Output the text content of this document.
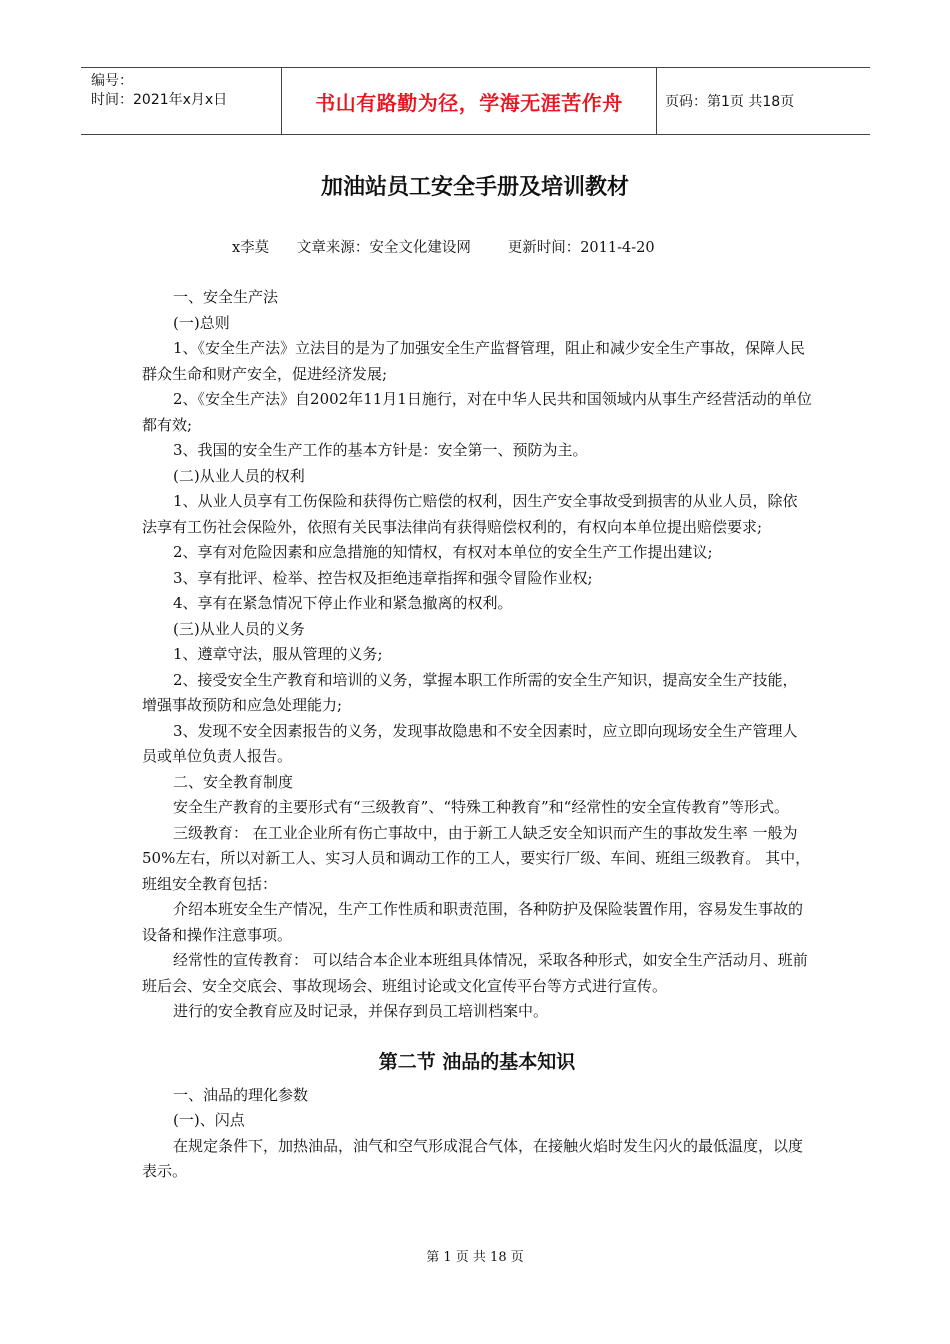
编号：
时间：2021年x月x日	书山有路勤为径，学海无涯苦作舟	页码：第1页 共18页
加油站员工安全手册及培训教材
x李莫      文章来源：安全文化建设网        更新时间：2011-4-20

一、安全生产法

(一)总则

1、《安全生产法》立法目的是为了加强安全生产监督管理，阻止和减少安全生产事故，保障人民群众生命和财产安全，促进经济发展;

2、《安全生产法》自2002年11月1日施行，对在中华人民共和国领域内从事生产经营活动的单位都有效;

3、我国的安全生产工作的基本方针是：安全第一、预防为主。

(二)从业人员的权利

1、从业人员享有工伤保险和获得伤亡赔偿的权利，因生产安全事故受到损害的从业人员，除依法享有工伤社会保险外，依照有关民事法律尚有获得赔偿权利的，有权向本单位提出赔偿要求;

2、享有对危险因素和应急措施的知情权，有权对本单位的安全生产工作提出建议;

3、享有批评、检举、控告权及拒绝违章指挥和强令冒险作业权;

4、享有在紧急情况下停止作业和紧急撤离的权利。

(三)从业人员的义务

1、遵章守法，服从管理的义务;

2、接受安全生产教育和培训的义务，掌握本职工作所需的安全生产知识，提高安全生产技能，增强事故预防和应急处理能力;

3、发现不安全因素报告的义务，发现事故隐患和不安全因素时，应立即向现场安全生产管理人员或单位负责人报告。

二、安全教育制度

安全生产教育的主要形式有“三级教育”、“特殊工种教育”和“经常性的安全宣传教育”等形式。

三级教育： 在工业企业所有伤亡事故中，由于新工人缺乏安全知识而产生的事故发生率 一般为50%左右，所以对新工人、实习人员和调动工作的工人，要实行厂级、车间、班组三级教育。 其中，班组安全教育包括：

介绍本班安全生产情况，生产工作性质和职责范围，各种防护及保险装置作用，容易发生事故的设备和操作注意事项。

经常性的宣传教育： 可以结合本企业本班组具体情况，采取各种形式，如安全生产活动月、班前班后会、安全交底会、事故现场会、班组讨论或文化宣传平台等方式进行宣传。

进行的安全教育应及时记录，并保存到员工培训档案中。

第二节 油品的基本知识

一、油品的理化参数

(一)、闪点

在规定条件下，加热油品，油气和空气形成混合气体，在接触火焰时发生闪火的最低温度，以度表示。

第 1 页 共 18 页
